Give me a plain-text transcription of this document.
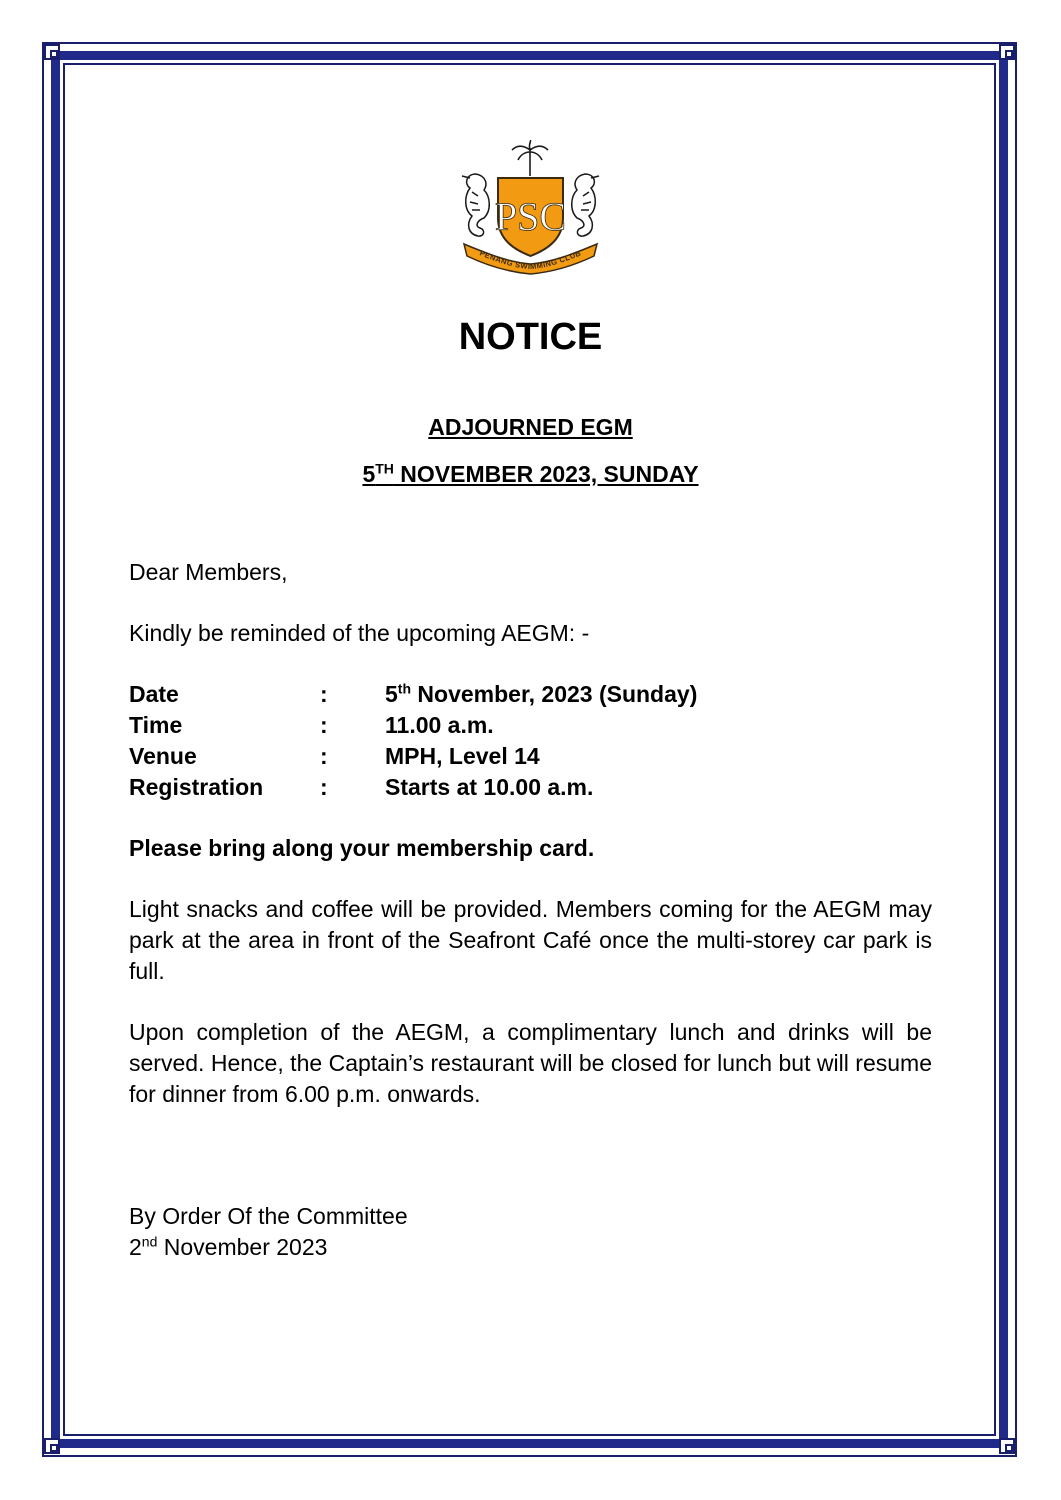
PSC
PENANG SWIMMING CLUB
NOTICE

ADJOURNED EGM

5TH NOVEMBER 2023, SUNDAY

Dear Members,

Kindly be reminded of the upcoming AEGM: -

Date	: 5th November, 2023 (Sunday)
Time	: 11.00 a.m.
Venue	: MPH, Level 14
Registration : Starts at 10.00 a.m.

Please bring along your membership card.

Light snacks and coffee will be provided. Members coming for the AEGM may park at the area in front of the Seafront Café once the multi-storey car park is full.

Upon completion of the AEGM, a complimentary lunch and drinks will be served. Hence, the Captain’s restaurant will be closed for lunch but will resume for dinner from 6.00 p.m. onwards.

By Order Of the Committee

2nd November 2023
